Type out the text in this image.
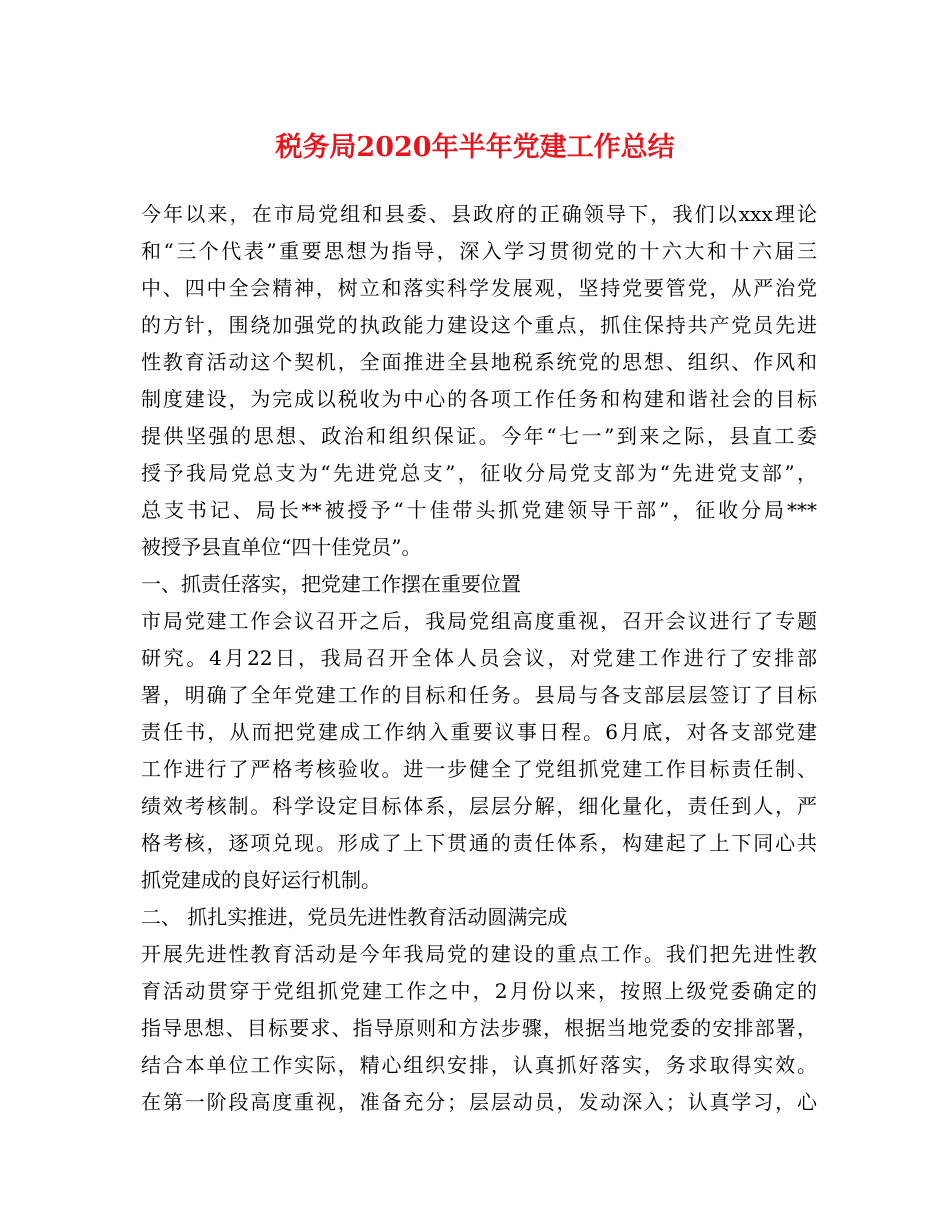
税务局2020年半年党建工作总结
今年以来，在市局党组和县委、县政府的正确领导下，我们以xxx理论
和“三个代表”重要思想为指导，深入学习贯彻党的十六大和十六届三
中、四中全会精神，树立和落实科学发展观，坚持党要管党，从严治党
的方针，围绕加强党的执政能力建设这个重点，抓住保持共产党员先进
性教育活动这个契机，全面推进全县地税系统党的思想、组织、作风和
制度建设，为完成以税收为中心的各项工作任务和构建和谐社会的目标
提供坚强的思想、政治和组织保证。今年“七一”到来之际，县直工委
授予我局党总支为“先进党总支”，征收分局党支部为“先进党支部”，
总支书记、局长**被授予“十佳带头抓党建领导干部”，征收分局***
被授予县直单位“四十佳党员”。
一、抓责任落实，把党建工作摆在重要位置
市局党建工作会议召开之后，我局党组高度重视，召开会议进行了专题
研究。4月22日，我局召开全体人员会议，对党建工作进行了安排部
署，明确了全年党建工作的目标和任务。县局与各支部层层签订了目标
责任书，从而把党建成工作纳入重要议事日程。6月底，对各支部党建
工作进行了严格考核验收。进一步健全了党组抓党建工作目标责任制、
绩效考核制。科学设定目标体系，层层分解，细化量化，责任到人，严
格考核，逐项兑现。形成了上下贯通的责任体系，构建起了上下同心共
抓党建成的良好运行机制。
二、 抓扎实推进，党员先进性教育活动圆满完成
开展先进性教育活动是今年我局党的建设的重点工作。我们把先进性教
育活动贯穿于党组抓党建工作之中，2月份以来，按照上级党委确定的
指导思想、目标要求、指导原则和方法步骤，根据当地党委的安排部署，
结合本单位工作实际，精心组织安排，认真抓好落实，务求取得实效。
在第一阶段高度重视，准备充分；层层动员，发动深入；认真学习，心
